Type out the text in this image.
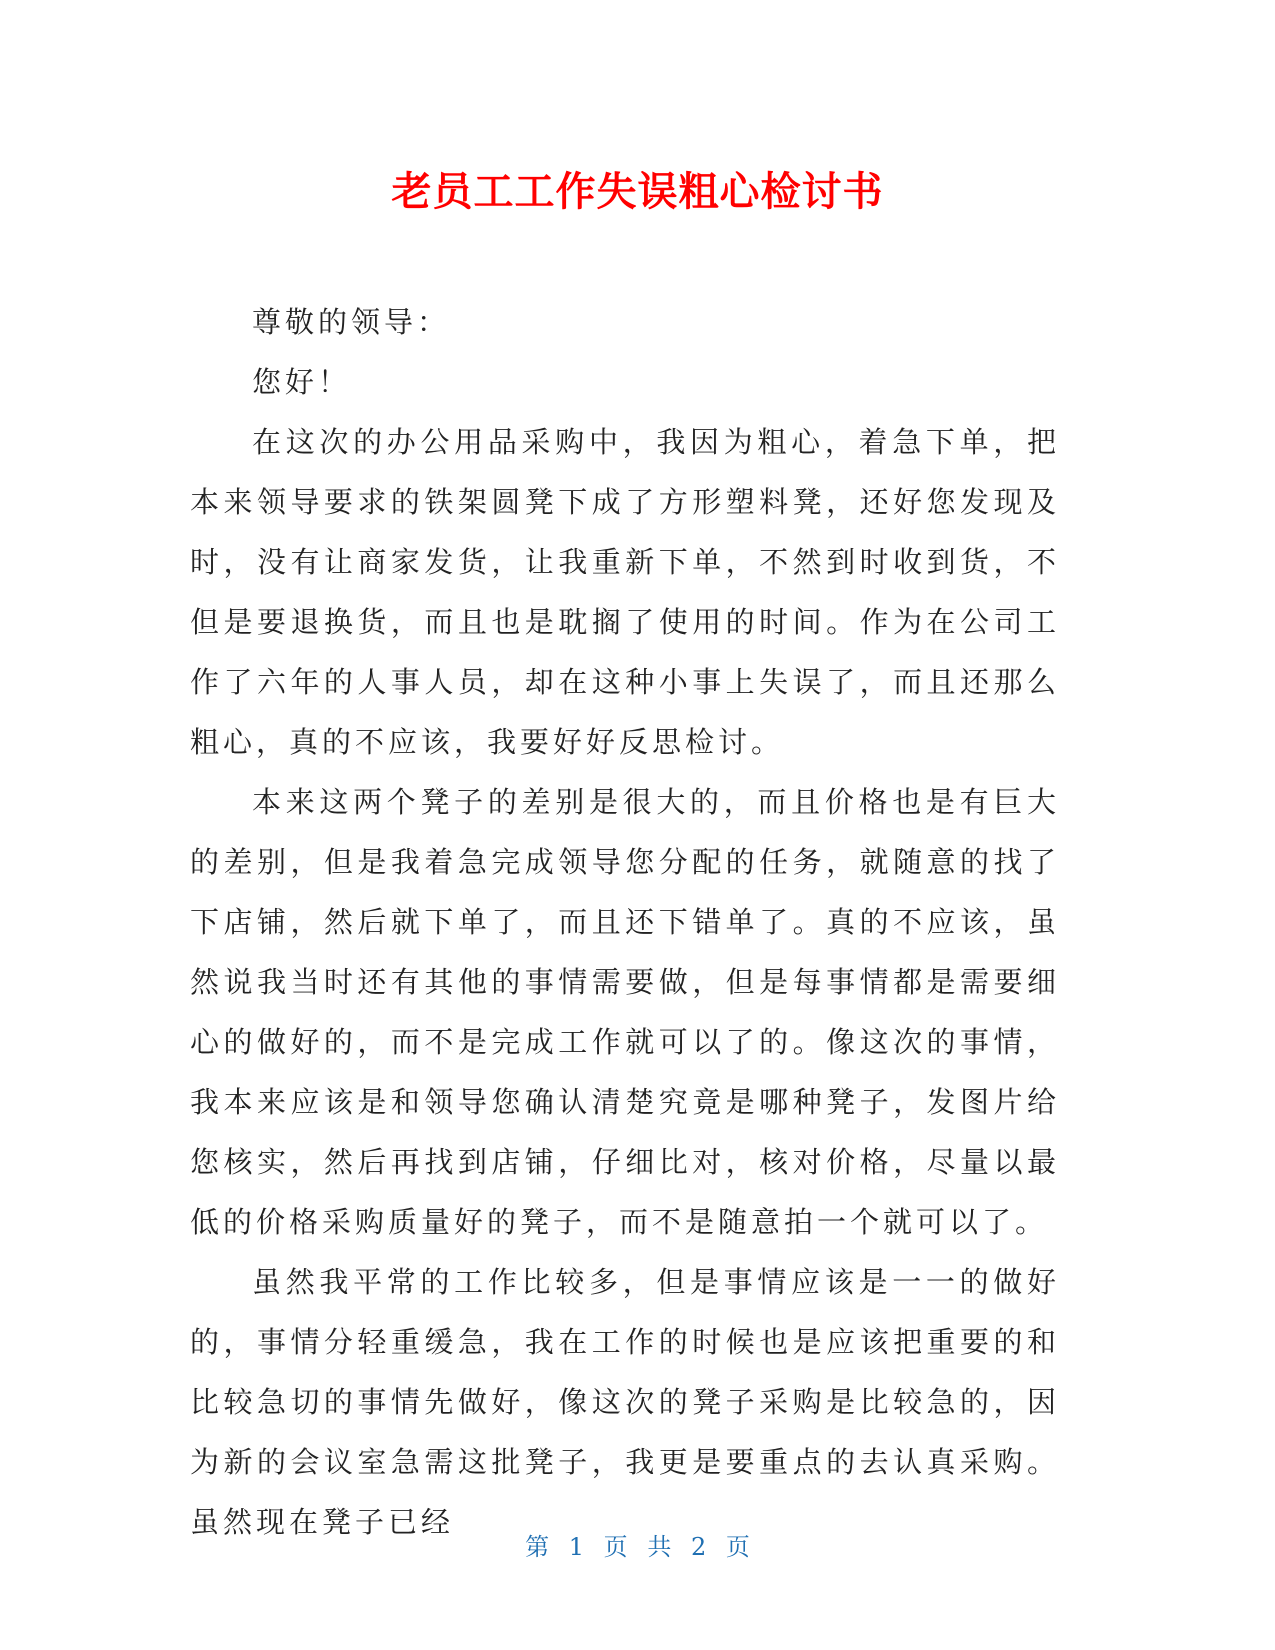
老员工工作失误粗心检讨书

尊敬的领导：

您好！

在这次的办公用品采购中，我因为粗心，着急下单，把本来领导要求的铁架圆凳下成了方形塑料凳，还好您发现及时，没有让商家发货，让我重新下单，不然到时收到货，不但是要退换货，而且也是耽搁了使用的时间。作为在公司工作了六年的人事人员，却在这种小事上失误了，而且还那么粗心，真的不应该，我要好好反思检讨。

本来这两个凳子的差别是很大的，而且价格也是有巨大的差别，但是我着急完成领导您分配的任务，就随意的找了下店铺，然后就下单了，而且还下错单了。真的不应该，虽然说我当时还有其他的事情需要做，但是每事情都是需要细心的做好的，而不是完成工作就可以了的。像这次的事情，我本来应该是和领导您确认清楚究竟是哪种凳子，发图片给您核实，然后再找到店铺，仔细比对，核对价格，尽量以最低的价格采购质量好的凳子，而不是随意拍一个就可以了。

虽然我平常的工作比较多，但是事情应该是一一的做好的，事情分轻重缓急，我在工作的时候也是应该把重要的和比较急切的事情先做好，像这次的凳子采购是比较急的，因为新的会议室急需这批凳子，我更是要重点的去认真采购。虽然现在凳子已经

第 1 页 共 2 页
